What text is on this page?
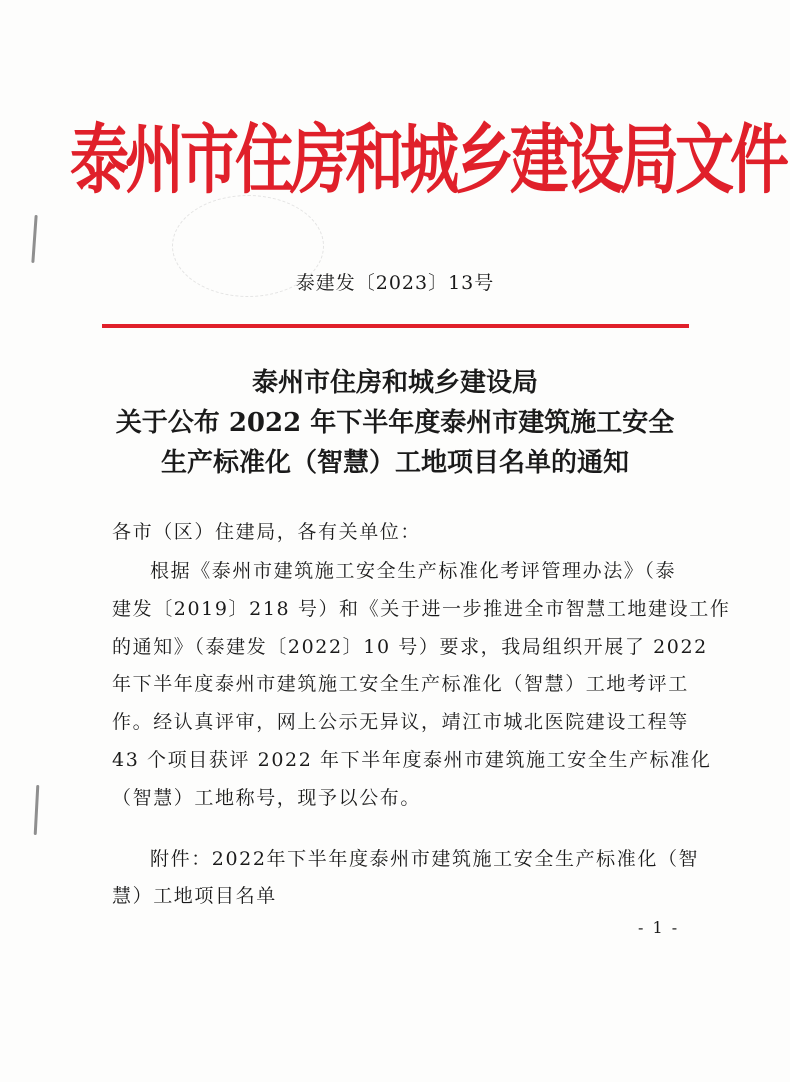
泰州市住房和城乡建设局文件
泰建发〔2023〕13号
泰州市住房和城乡建设局
关于公布 2022 年下半年度泰州市建筑施工安全
生产标准化（智慧）工地项目名单的通知
各市（区）住建局，各有关单位：
根据《泰州市建筑施工安全生产标准化考评管理办法》（泰
建发〔2019〕218 号）和《关于进一步推进全市智慧工地建设工作
的通知》（泰建发〔2022〕10 号）要求，我局组织开展了 2022
年下半年度泰州市建筑施工安全生产标准化（智慧）工地考评工
作。经认真评审，网上公示无异议，靖江市城北医院建设工程等
43 个项目获评 2022 年下半年度泰州市建筑施工安全生产标准化
（智慧）工地称号，现予以公布。
附件：2022年下半年度泰州市建筑施工安全生产标准化（智
慧）工地项目名单
- 1 -
